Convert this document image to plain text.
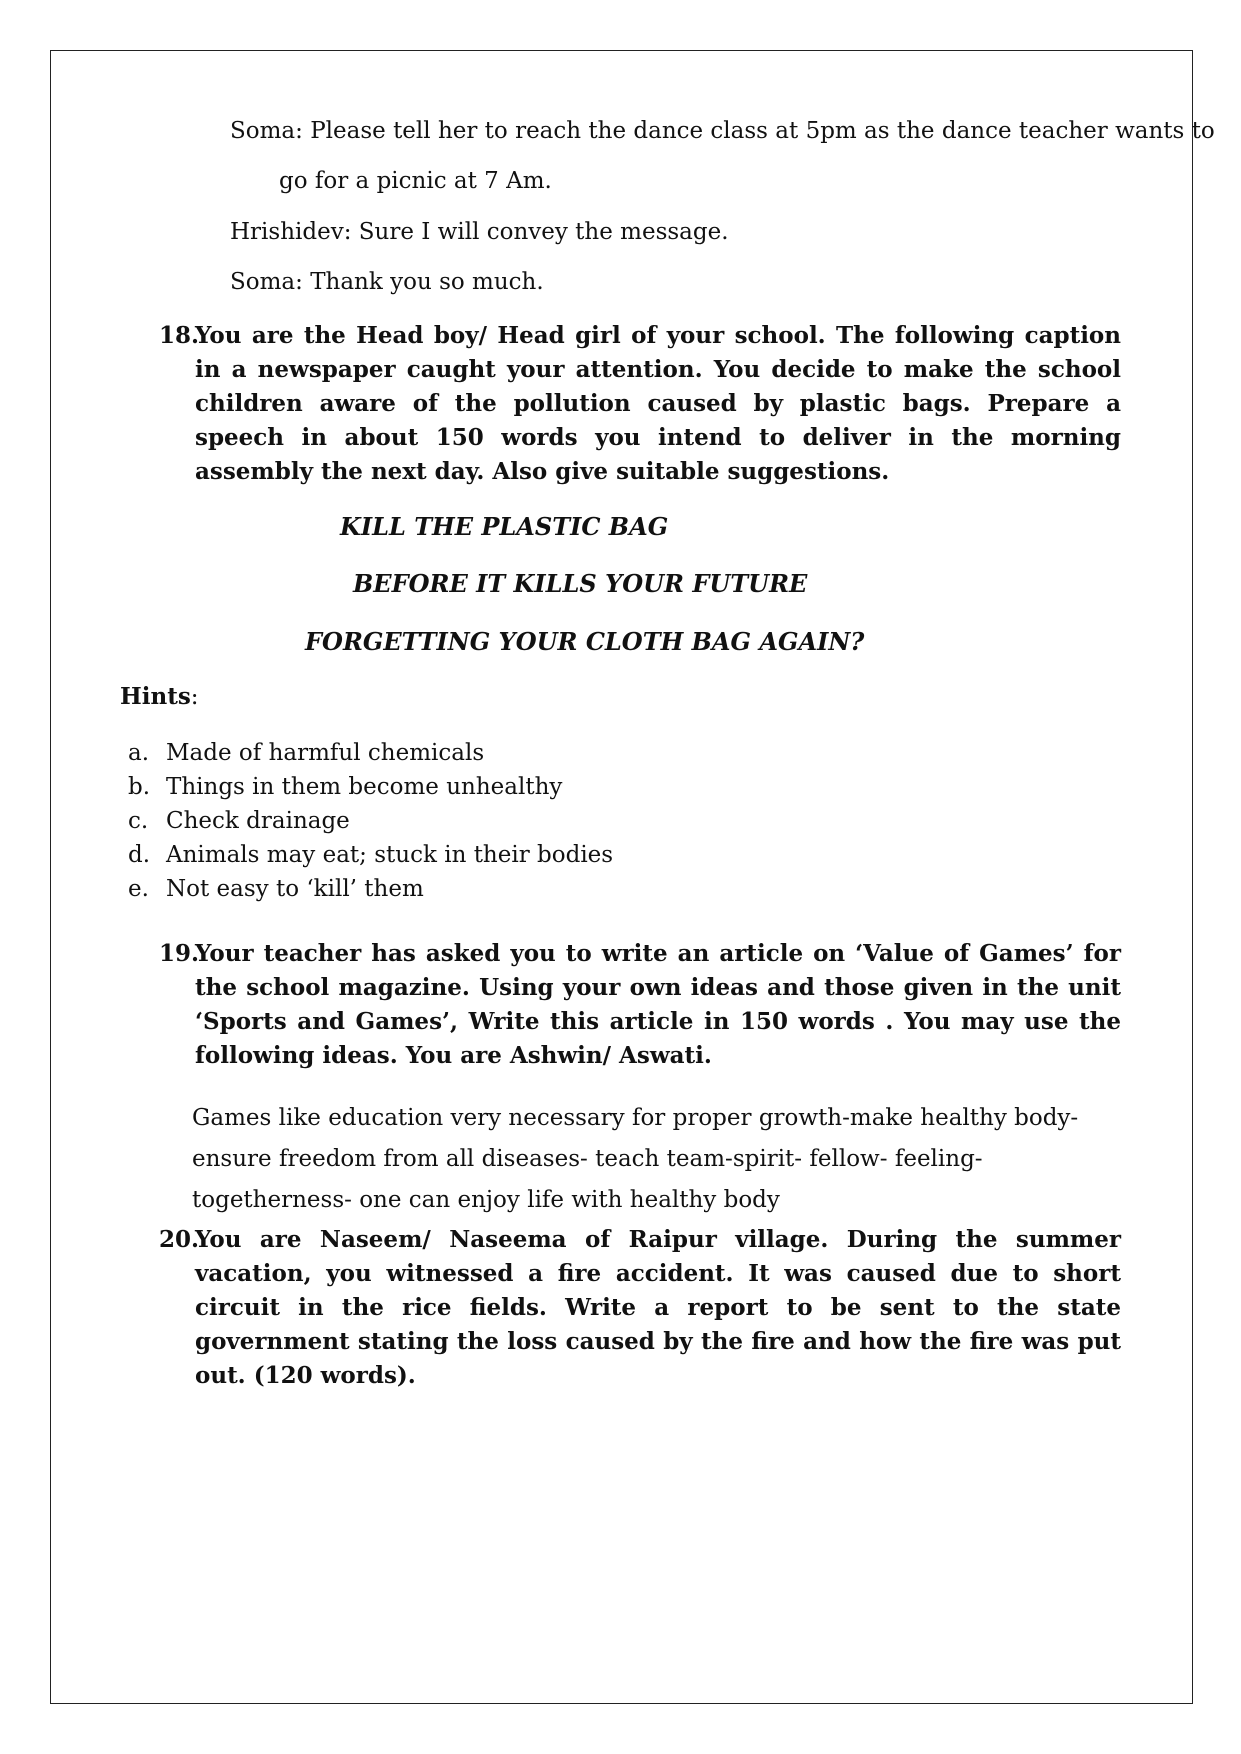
Soma: Please tell her to reach the dance class at 5pm as the dance teacher wants to
go for a picnic at 7 Am.
Hrishidev: Sure I will convey the message.
Soma: Thank you so much.
18.
You are the Head boy/ Head girl of your school. The following caption in a newspaper caught your attention. You decide to make the school children aware of the pollution caused by plastic bags. Prepare a speech in about 150 words you intend to deliver in the morning assembly the next day. Also give suitable suggestions.
KILL THE PLASTIC BAG
BEFORE IT KILLS YOUR FUTURE
FORGETTING YOUR CLOTH BAG AGAIN?
Hints:
a. Made of harmful chemicals
b. Things in them become unhealthy
c. Check drainage
d. Animals may eat; stuck in their bodies
e. Not easy to ‘kill’ them
19.
Your teacher has asked you to write an article on ‘Value of Games’ for the school magazine. Using your own ideas and those given in the unit ‘Sports and Games’, Write this article in 150 words . You may use the following ideas. You are Ashwin/ Aswati.
Games like education very necessary for proper growth-make healthy body-ensure freedom from all diseases- teach team-spirit- fellow- feeling- togetherness- one can enjoy life with healthy body
20.
You are Naseem/ Naseema of Raipur village. During the summer vacation, you witnessed a fire accident. It was caused due to short circuit in the rice fields. Write a report to be sent to the state government stating the loss caused by the fire and how the fire was put out. (120 words).
